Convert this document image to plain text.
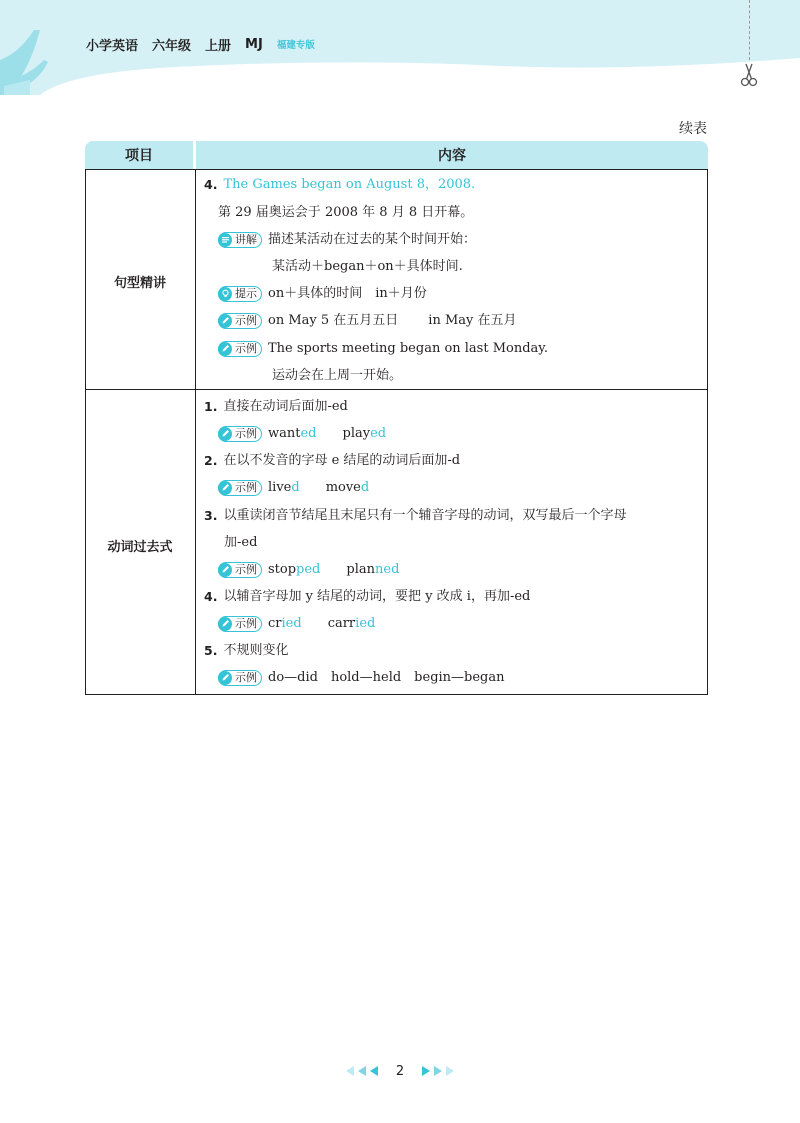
小学英语 六年级 上册 MJ 福建专版
续表
项目	内容
句型精讲
4. The Games began on August 8，2008.
第 29 届奥运会于 2008 年 8 月 8 日开幕。
讲解 描述某活动在过去的某个时间开始：
某活动＋began＋on＋具体时间.
提示 on＋具体的时间　in＋月份
示例 on May 5 在五月五日 in May 在五月
示例 The sports meeting began on last Monday.
运动会在上周一开始。
动词过去式
1. 直接在动词后面加-ed
示例 wanted played
2. 在以不发音的字母 e 结尾的动词后面加-d
示例 lived moved
3. 以重读闭音节结尾且末尾只有一个辅音字母的动词，双写最后一个字母
加-ed
示例 stopped planned
4. 以辅音字母加 y 结尾的动词，要把 y 改成 i，再加-ed
示例 cried carried
5. 不规则变化
示例 do—did　hold—held　begin—began
2
